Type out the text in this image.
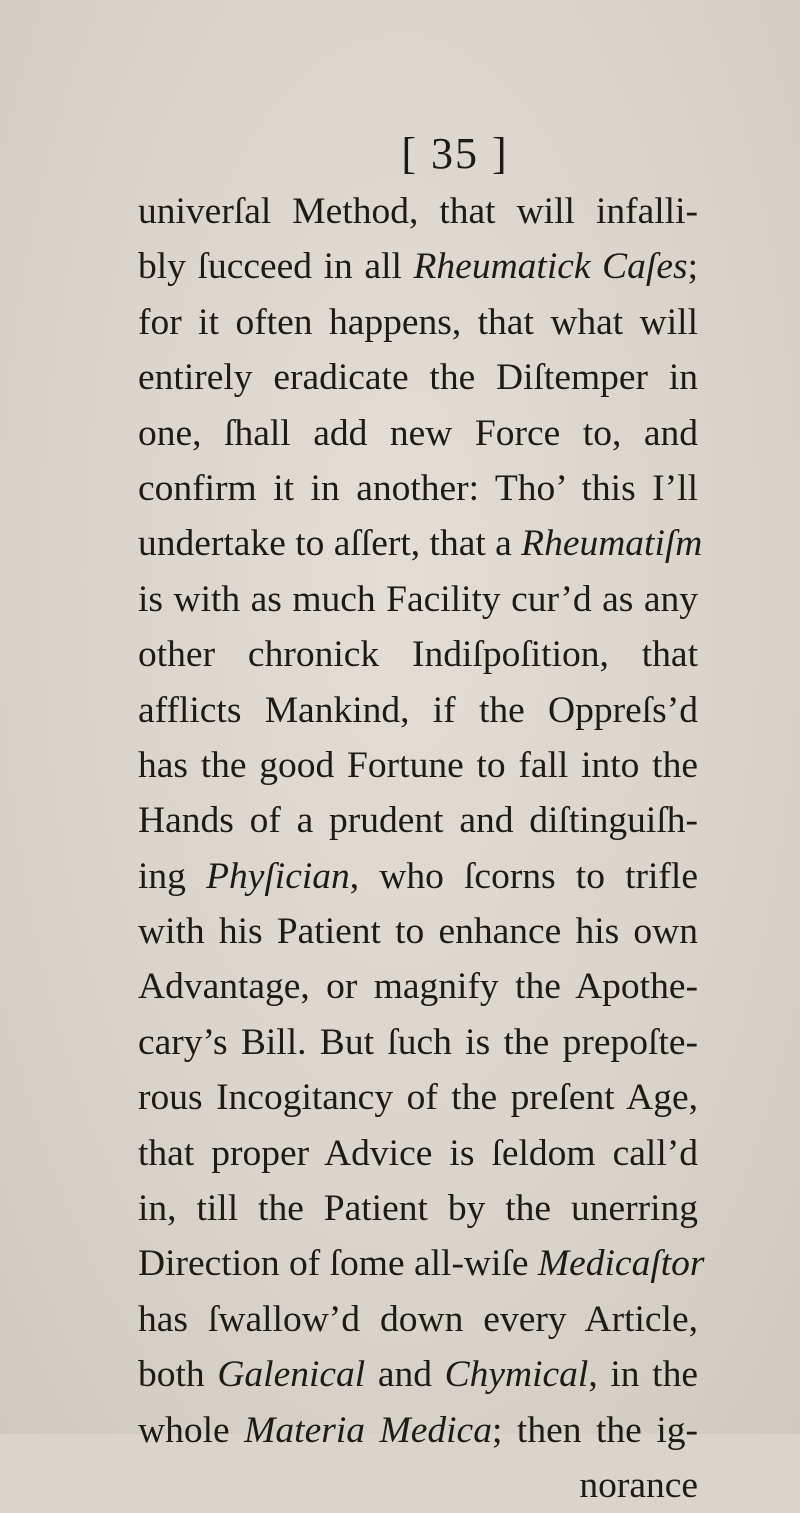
[ 35 ]
univerſal Method, that will infalli-
bly ſucceed in all Rheumatick Caſes;
for it often happens, that what will
entirely eradicate the Diſtemper in
one, ſhall add new Force to, and
confirm it in another: Tho’ this I’ll
undertake to aſſert, that a Rheumatiſm
is with as much Facility cur’d as any
other chronick Indiſpoſition, that
afflicts Mankind, if the Oppreſs’d
has the good Fortune to fall into the
Hands of a prudent and diſtinguiſh-
ing Phyſician, who ſcorns to trifle
with his Patient to enhance his own
Advantage, or magnify the Apothe-
cary’s Bill. But ſuch is the prepoſte-
rous Incogitancy of the preſent Age,
that proper Advice is ſeldom call’d
in, till the Patient by the unerring
Direction of ſome all-wiſe Medicaſtor
has ſwallow’d down every Article,
both Galenical and Chymical, in the
whole Materia Medica; then the ig-
norance
